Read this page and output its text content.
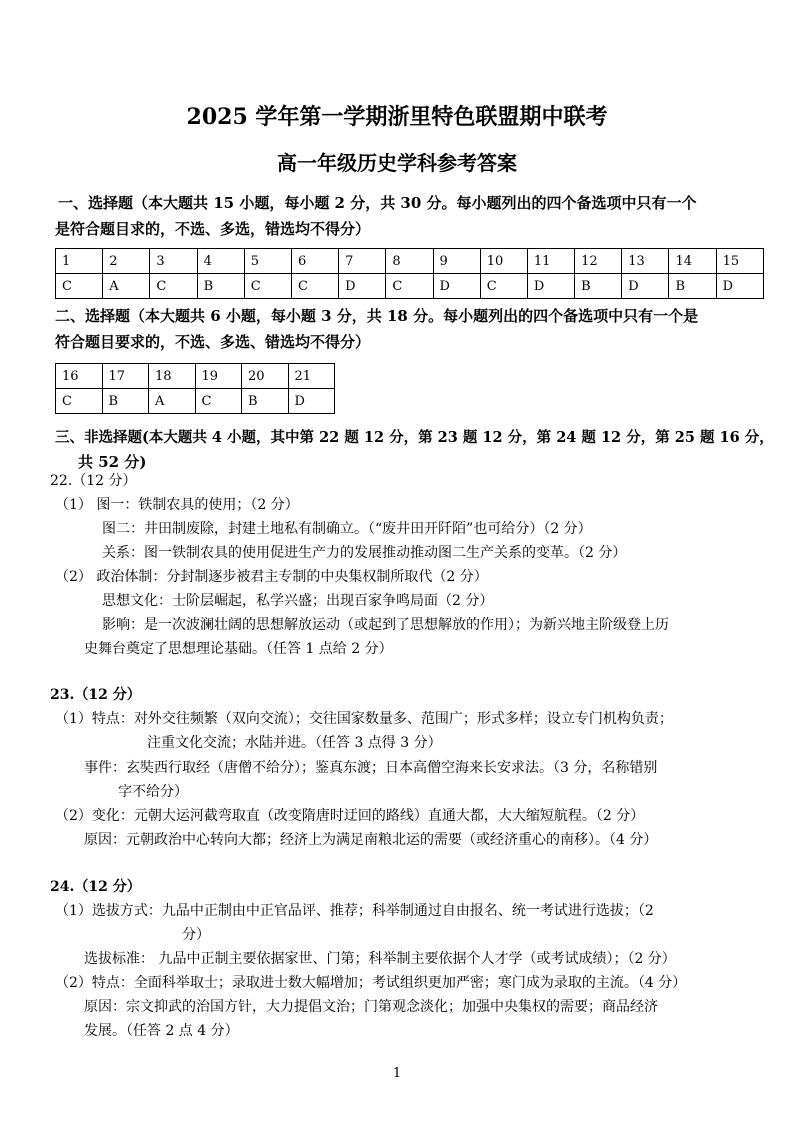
2025 学年第一学期浙里特色联盟期中联考
高一年级历史学科参考答案
一、选择题（本大题共 15 小题，每小题 2 分，共 30 分。每小题列出的四个备选项中只有一个
是符合题目求的，不选、多选，错选均不得分）
1	2	3	4	5	6	7	8	9	10	11	12	13	14	15
C	A	C	B	C	C	D	C	D	C	D	B	D	B	D
二、选择题（本大题共 6 小题，每小题 3 分，共 18 分。每小题列出的四个备选项中只有一个是
符合题目要求的，不选、多选、错选均不得分）
16	17	18	19	20	21
C	B	A	C	B	D
三、非选择题(本大题共 4 小题，其中第 22 题 12 分，第 23 题 12 分，第 24 题 12 分，第 25 题 16 分，
共 52 分)
22.（12 分）
（1） 图一：铁制农具的使用；（2 分）
图二：井田制废除，封建土地私有制确立。（“废井田开阡陌”也可给分）（2 分）
关系：图一铁制农具的使用促进生产力的发展推动推动图二生产关系的变革。（2 分）
（2） 政治体制：分封制逐步被君主专制的中央集权制所取代（2 分）
思想文化：士阶层崛起，私学兴盛；出现百家争鸣局面（2 分）
影响：是一次波澜壮阔的思想解放运动（或起到了思想解放的作用）；为新兴地主阶级登上历
史舞台奠定了思想理论基础。（任答 1 点给 2 分）
23.（12 分）
（1）特点：对外交往频繁（双向交流）；交往国家数量多、范围广；形式多样；设立专门机构负责；
注重文化交流；水陆并进。（任答 3 点得 3 分）
事件：玄奘西行取经（唐僧不给分）；鉴真东渡；日本高僧空海来长安求法。（3 分，名称错别
字不给分）
（2）变化：元朝大运河截弯取直（改变隋唐时迂回的路线）直通大都，大大缩短航程。（2 分）
原因：元朝政治中心转向大都；经济上为满足南粮北运的需要（或经济重心的南移）。（4 分）
24.（12 分）
（1）选拔方式：九品中正制由中正官品评、推荐；科举制通过自由报名、统一考试进行选拔；（2
分）
选拔标准： 九品中正制主要依据家世、门第；科举制主要依据个人才学（或考试成绩）；（2 分）
（2）特点：全面科举取士；录取进士数大幅增加；考试组织更加严密；寒门成为录取的主流。（4 分）
原因：宗文抑武的治国方针，大力提倡文治；门第观念淡化；加强中央集权的需要；商品经济
发展。（任答 2 点 4 分）
1
